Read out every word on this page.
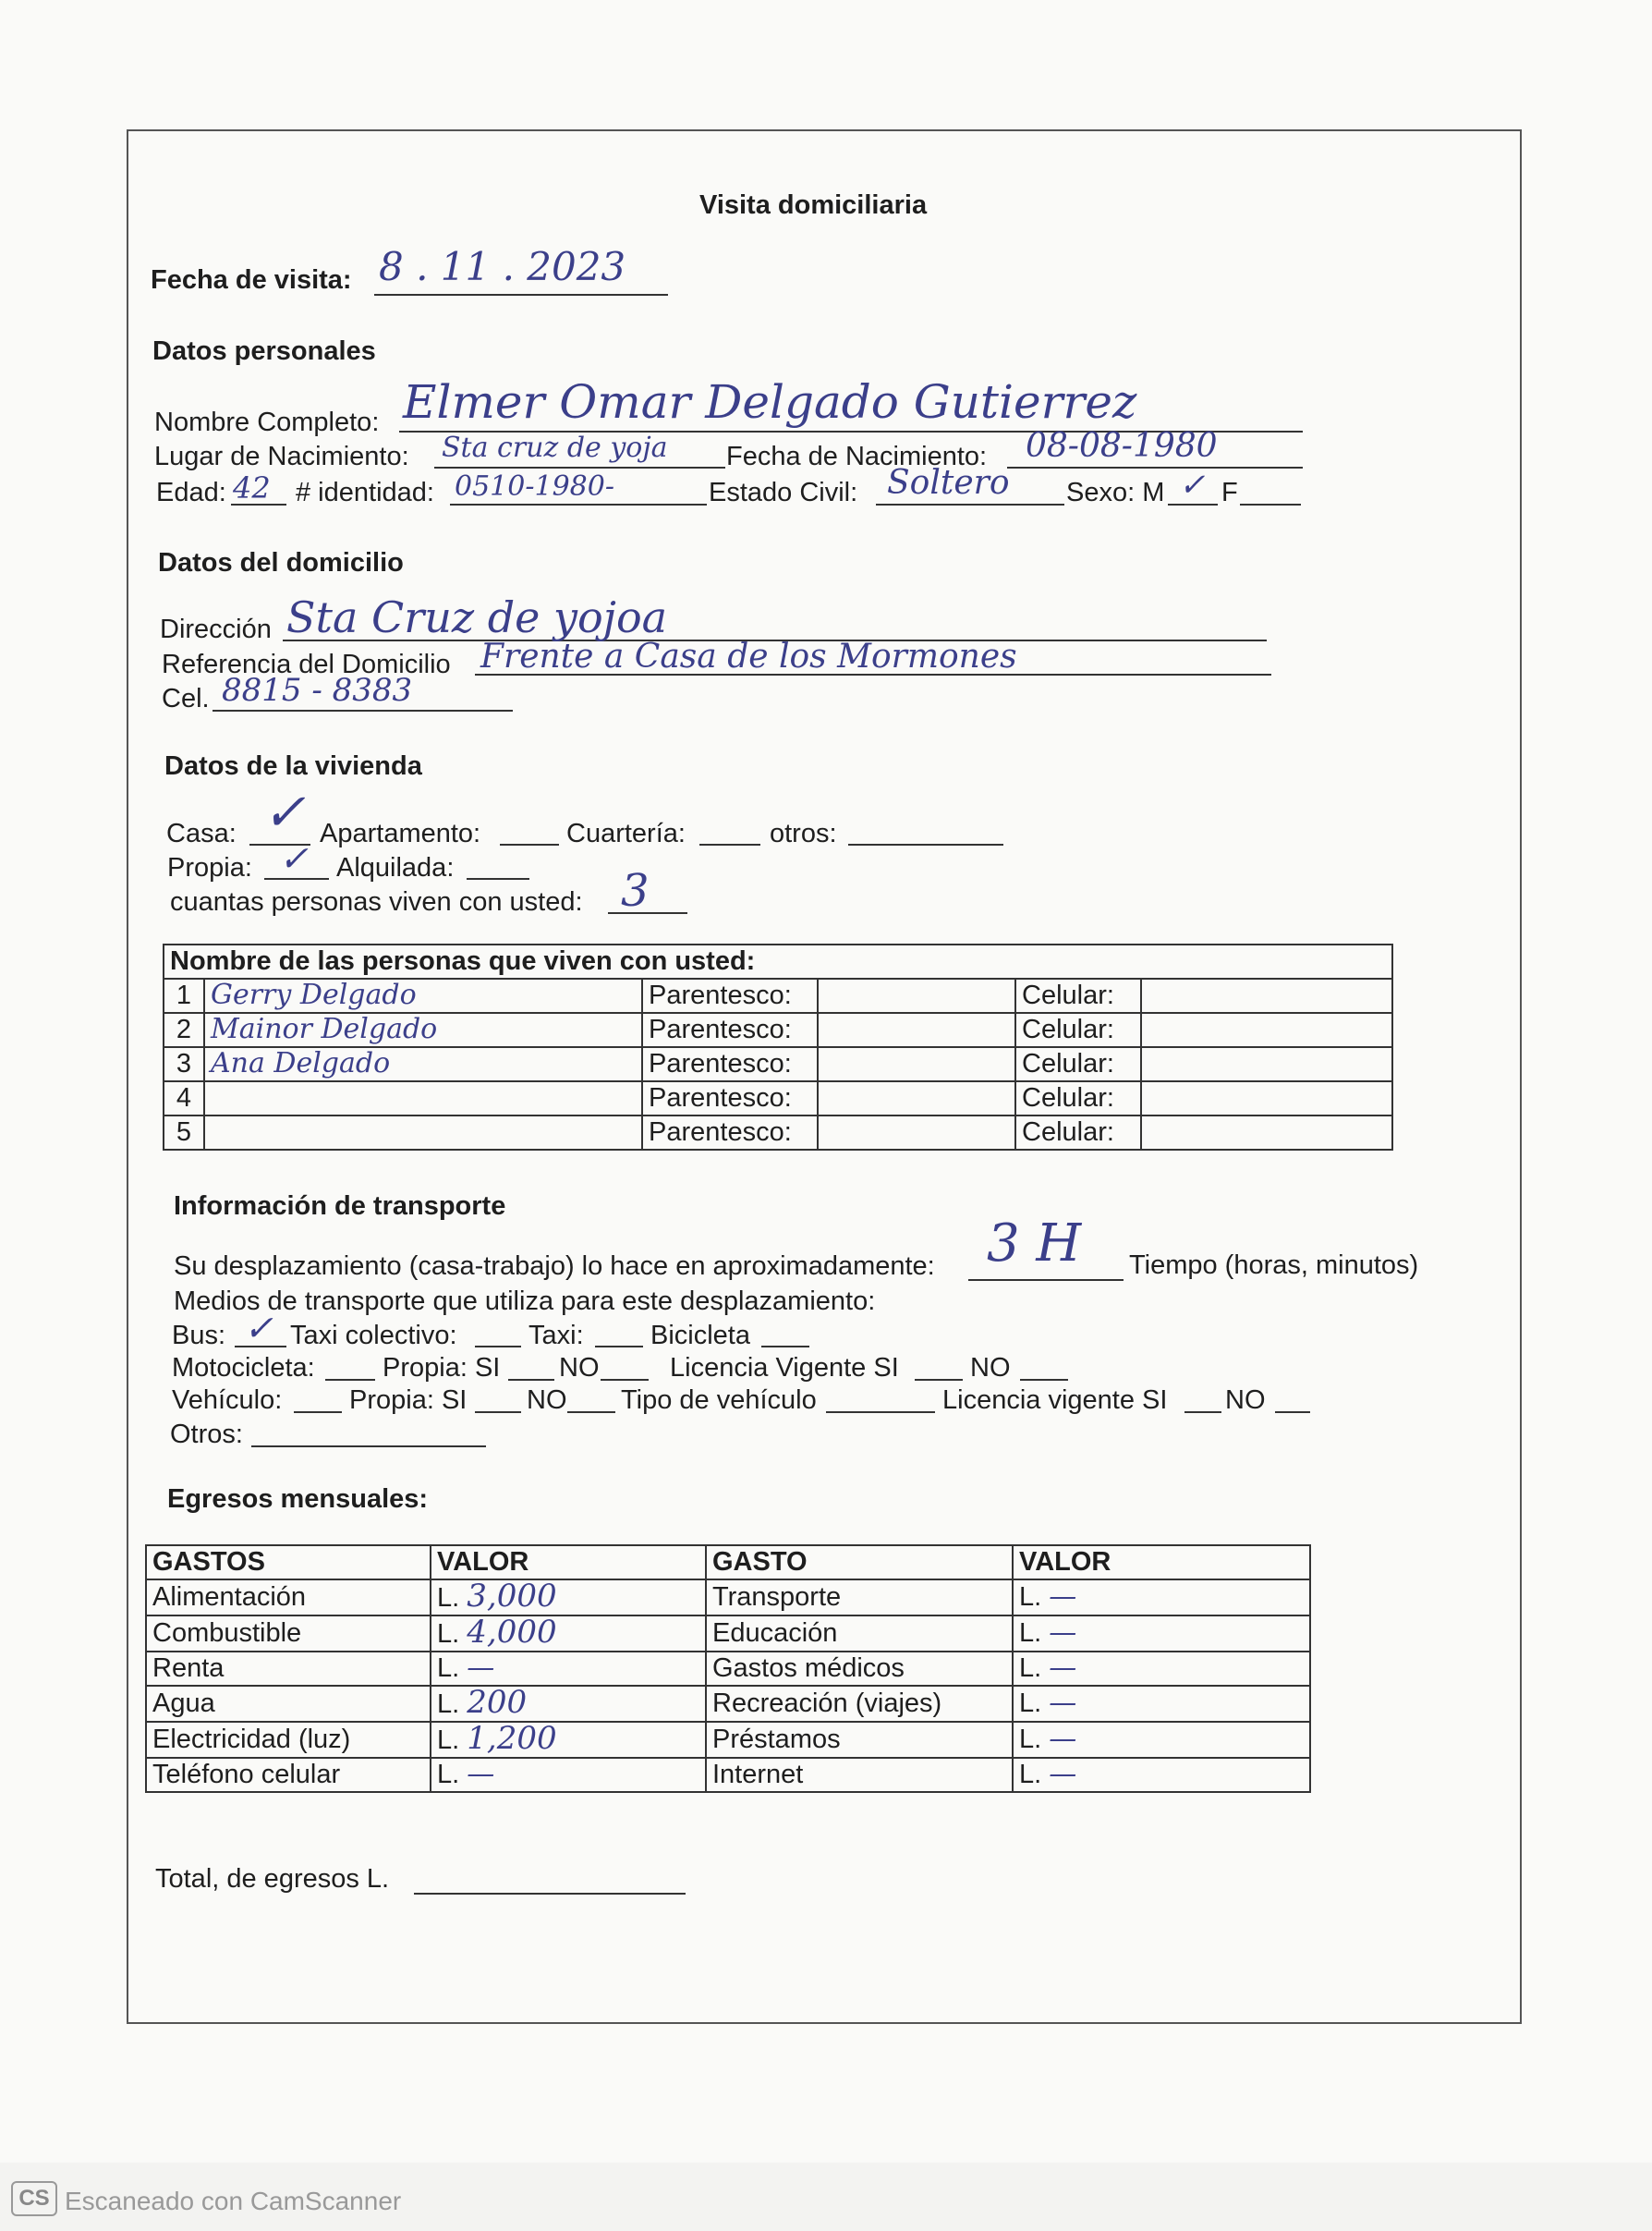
Visita domiciliaria
Fecha de visita: 8 . 11 . 2023
Datos personales
Nombre Completo: Elmer Omar Delgado Gutierrez
Lugar de Nacimiento: Sta cruz de yoja Fecha de Nacimiento: 08-08-1980
Edad: 42 # identidad: 0510-1980-	Estado Civil: Soltero Sexo: M ✓ F
Datos del domicilio
Dirección Sta Cruz de yojoa
Referencia del Domicilio Frente a Casa de los Mormones
Cel. 8815 - 8383
Datos de la vivienda
Casa: ✓ Apartamento:	Cuartería:	otros:
Propia: ✓ Alquilada:
cuantas personas viven con usted: 3
Nombre de las personas que viven con usted:					
1	Gerry Delgado	Parentesco:		Celular:	
2	Mainor Delgado	Parentesco:		Celular:	
3	Ana Delgado	Parentesco:		Celular:	
4		Parentesco:		Celular:	
5		Parentesco:		Celular:	
Información de transporte
Su desplazamiento (casa-trabajo) lo hace en aproximadamente: 3 H Tiempo (horas, minutos)
Medios de transporte que utiliza para este desplazamiento:
Bus: ✓ Taxi colectivo:	Taxi: Bicicleta
Motocicleta:	Propia: SI NO	Licencia Vigente SI	NO
Vehículo:	Propia: SI NO Tipo de vehículo	Licencia vigente SI NO
Otros:
Egresos mensuales:
GASTOS	VALOR	GASTO	VALOR
Alimentación	L. 3,000	Transporte	L. —
Combustible	L. 4,000	Educación	L. —
Renta	L. —	Gastos médicos	L. —
Agua	L. 200	Recreación (viajes)	L. —
Electricidad (luz)	L. 1,200	Préstamos	L. —
Teléfono celular	L. —	Internet	L. —
Total, de egresos L.
CS Escaneado con CamScanner
